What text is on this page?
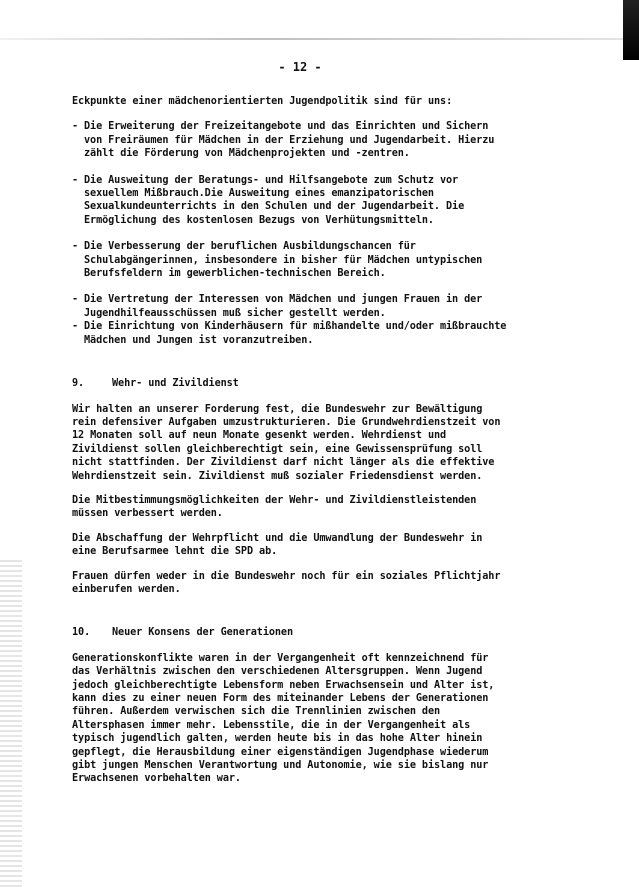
- 12 -

Eckpunkte einer mädchenorientierten Jugendpolitik sind für uns:

- Die Erweiterung der Freizeitangebote und das Einrichten und Sichern von Freiräumen für Mädchen in der Erziehung und Jugendarbeit. Hierzu zählt die Förderung von Mädchenprojekten und -zentren.
- Die Ausweitung der Beratungs- und Hilfsangebote zum Schutz vor sexuellem Mißbrauch.Die Ausweitung eines emanzipatorischen Sexualkundeunterrichts in den Schulen und der Jugendarbeit. Die Ermöglichung des kostenlosen Bezugs von Verhütungsmitteln.
- Die Verbesserung der beruflichen Ausbildungschancen für Schulabgängerinnen, insbesondere in bisher für Mädchen untypischen Berufsfeldern im gewerblichen-technischen Bereich.
- Die Vertretung der Interessen von Mädchen und jungen Frauen in der Jugendhilfeausschüssen muß sicher gestellt werden.
- Die Einrichtung von Kinderhäusern für mißhandelte und/oder mißbrauchte Mädchen und Jungen ist voranzutreiben.

9.	Wehr- und Zivildienst

Wir halten an unserer Forderung fest, die Bundeswehr zur Bewältigung rein defensiver Aufgaben umzustrukturieren. Die Grundwehrdienstzeit von 12 Monaten soll auf neun Monate gesenkt werden. Wehrdienst und Zivildienst sollen gleichberechtigt sein, eine Gewissensprüfung soll nicht stattfinden. Der Zivildienst darf nicht länger als die effektive Wehrdienstzeit sein. Zivildienst muß sozialer Friedensdienst werden.

Die Mitbestimmungsmöglichkeiten der Wehr- und Zivildienstleistenden müssen verbessert werden.

Die Abschaffung der Wehrpflicht und die Umwandlung der Bundeswehr in eine Berufsarmee lehnt die SPD ab.

Frauen dürfen weder in die Bundeswehr noch für ein soziales Pflichtjahr einberufen werden.

10.	Neuer Konsens der Generationen

Generationskonflikte waren in der Vergangenheit oft kennzeichnend für das Verhältnis zwischen den verschiedenen Altersgruppen. Wenn Jugend jedoch gleichberechtigte Lebensform neben Erwachsensein und Alter ist, kann dies zu einer neuen Form des miteinander Lebens der Generationen führen. Außerdem verwischen sich die Trennlinien zwischen den Altersphasen immer mehr. Lebensstile, die in der Vergangenheit als typisch jugendlich galten, werden heute bis in das hohe Alter hinein gepflegt, die Herausbildung einer eigenständigen Jugendphase wiederum gibt jungen Menschen Verantwortung und Autonomie, wie sie bislang nur Erwachsenen vorbehalten war.
